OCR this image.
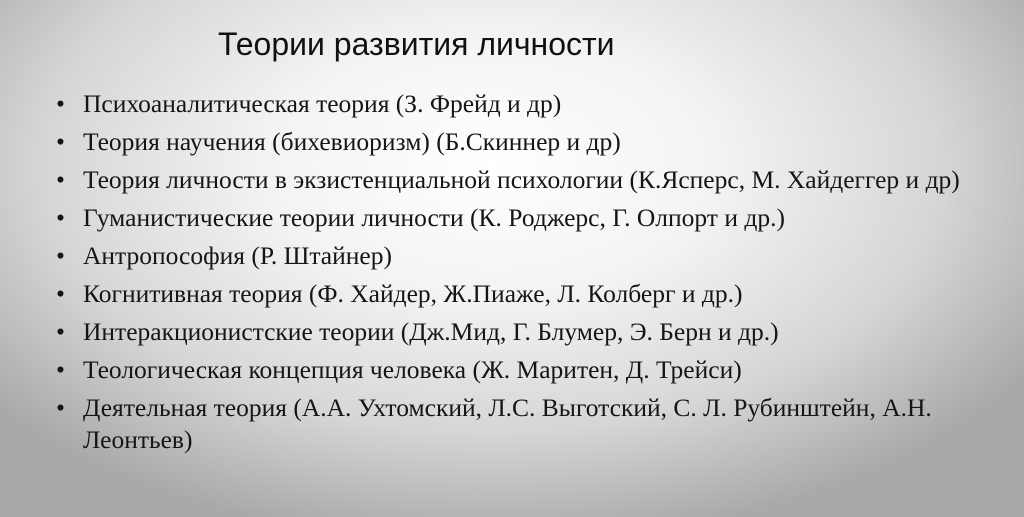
Теории развития личности
• Психоаналитическая теория (З. Фрейд и др)
• Теория научения (бихевиоризм) (Б.Скиннер и др)
• Теория личности в экзистенциальной психологии (К.Ясперс, М. Хайдеггер и др)
• Гуманистические теории личности (К. Роджерс, Г. Олпорт и др.)
• Антропософия (Р. Штайнер)
• Когнитивная теория (Ф. Хайдер, Ж.Пиаже, Л. Колберг и др.)
• Интеракционистские теории (Дж.Мид, Г. Блумер, Э. Берн и др.)
• Теологическая концепция человека (Ж. Маритен, Д. Трейси)
• Деятельная теория (А.А. Ухтомский, Л.С. Выготский, С. Л. Рубинштейн, А.Н. Леонтьев)
